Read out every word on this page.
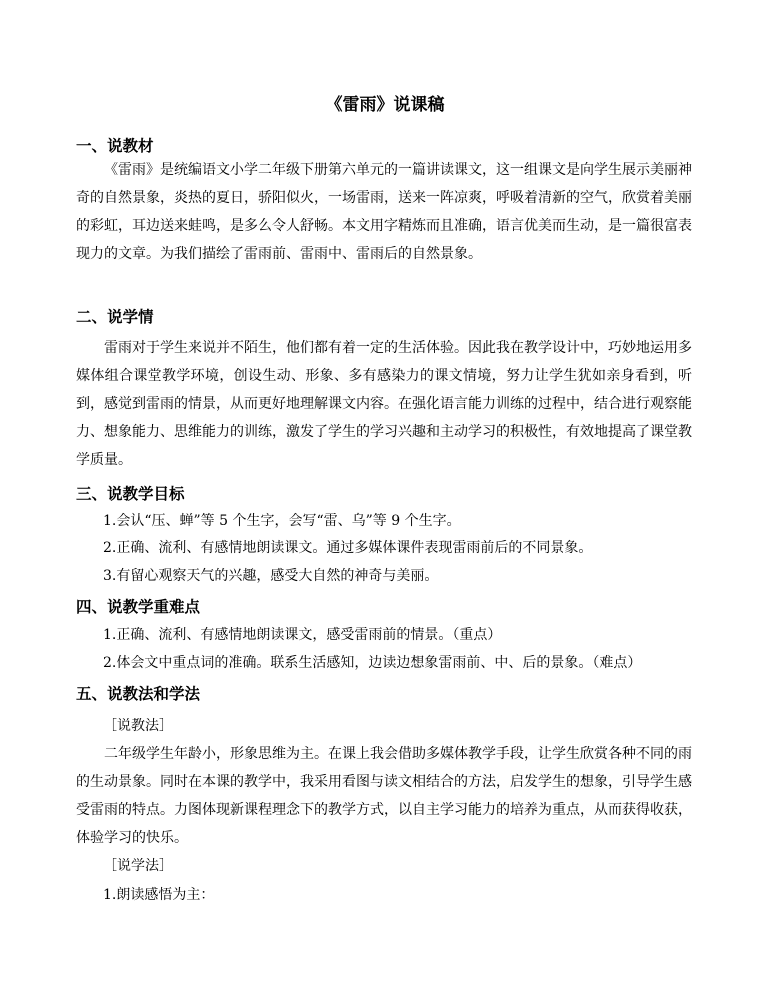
《雷雨》说课稿
一、说教材

《雷雨》是统编语文小学二年级下册第六单元的一篇讲读课文，这一组课文是向学生展示美丽神奇的自然景象，炎热的夏日，骄阳似火，一场雷雨，送来一阵凉爽，呼吸着清新的空气，欣赏着美丽的彩虹，耳边送来蛙鸣，是多么令人舒畅。本文用字精炼而且准确，语言优美而生动，是一篇很富表现力的文章。为我们描绘了雷雨前、雷雨中、雷雨后的自然景象。

二、说学情

雷雨对于学生来说并不陌生，他们都有着一定的生活体验。因此我在教学设计中，巧妙地运用多媒体组合课堂教学环境，创设生动、形象、多有感染力的课文情境，努力让学生犹如亲身看到，听到，感觉到雷雨的情景，从而更好地理解课文内容。在强化语言能力训练的过程中，结合进行观察能力、想象能力、思维能力的训练，激发了学生的学习兴趣和主动学习的积极性，有效地提高了课堂教学质量。

三、说教学目标
1.会认“压、蝉”等 5 个生字，会写“雷、乌”等 9 个生字。
2.正确、流利、有感情地朗读课文。通过多媒体课件表现雷雨前后的不同景象。
3.有留心观察天气的兴趣，感受大自然的神奇与美丽。
四、说教学重难点
1.正确、流利、有感情地朗读课文，感受雷雨前的情景。（重点）
2.体会文中重点词的准确。联系生活感知，边读边想象雷雨前、中、后的景象。（难点）
五、说教法和学法
［说教法］

二年级学生年龄小，形象思维为主。在课上我会借助多媒体教学手段，让学生欣赏各种不同的雨的生动景象。同时在本课的教学中，我采用看图与读文相结合的方法，启发学生的想象，引导学生感受雷雨的特点。力图体现新课程理念下的教学方式，以自主学习能力的培养为重点，从而获得收获，体验学习的快乐。

［说学法］
1.朗读感悟为主：
